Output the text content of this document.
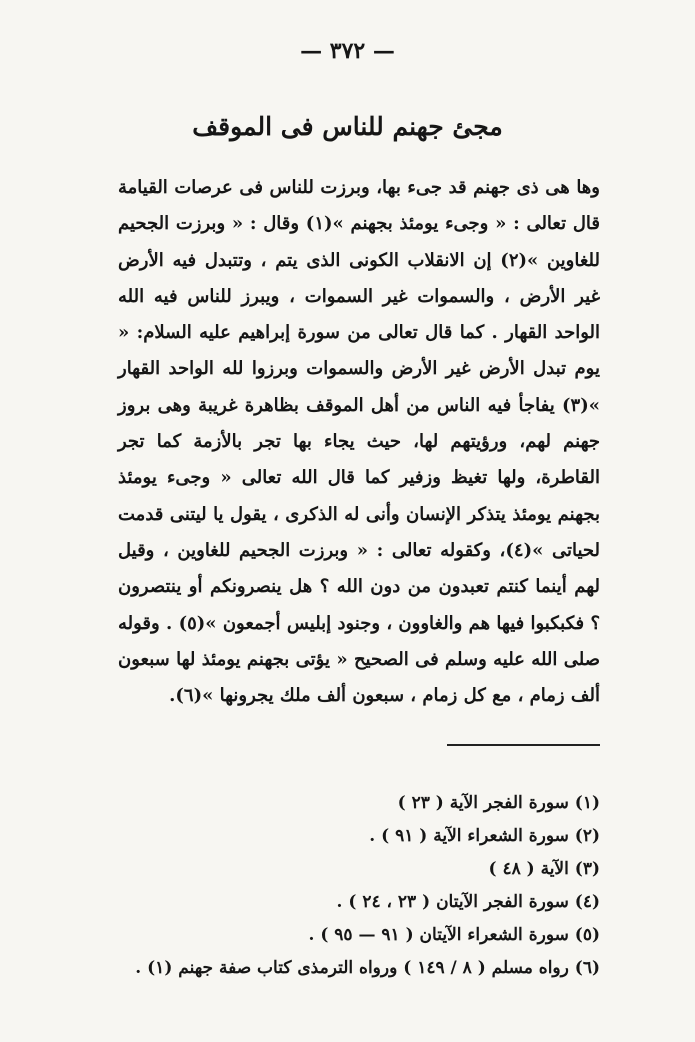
— ٣٧٢ —
مجئ جهنم للناس فى الموقف

وها هى ذى جهنم قد جىء بها، وبرزت للناس فى عرصات القيامة قال تعالى : « وجىء يومئذ بجهنم »(١) وقال : « وبرزت الجحيم للغاوين »(٢) إن الانقلاب الكونى الذى يتم ، وتتبدل فيه الأرض غير الأرض ، والسموات غير السموات ، ويبرز للناس فيه الله الواحد القهار . كما قال تعالى من سورة إبراهيم عليه السلام: « يوم تبدل الأرض غير الأرض والسموات وبرزوا لله الواحد القهار »(٣) يفاجأ فيه الناس من أهل الموقف بظاهرة غريبة وهى بروز جهنم لهم، ورؤيتهم لها، حيث يجاء بها تجر بالأزمة كما تجر القاطرة، ولها تغيظ وزفير كما قال الله تعالى « وجىء يومئذ بجهنم يومئذ يتذكر الإنسان وأنى له الذكرى ، يقول يا ليتنى قدمت لحياتى »(٤)، وكقوله تعالى : « وبرزت الجحيم للغاوين ، وقيل لهم أينما كنتم تعبدون من دون الله ؟ هل ينصرونكم أو ينتصرون ؟ فكبكبوا فيها هم والغاوون ، وجنود إبليس أجمعون »(٥) . وقوله صلى الله عليه وسلم فى الصحيح « يؤتى بجهنم يومئذ لها سبعون ألف زمام ، مع كل زمام ، سبعون ألف ملك يجرونها »(٦).

(١) سورة الفجر الآية ( ٢٣ )
(٢) سورة الشعراء الآية ( ٩١ ) .
(٣) الآية ( ٤٨ )
(٤) سورة الفجر الآيتان ( ٢٣ ، ٢٤ ) .
(٥) سورة الشعراء الآيتان ( ٩١ — ٩٥ ) .
(٦) رواه مسلم ( ٨ / ١٤٩ ) ورواه الترمذى كتاب صفة جهنم (١) .
